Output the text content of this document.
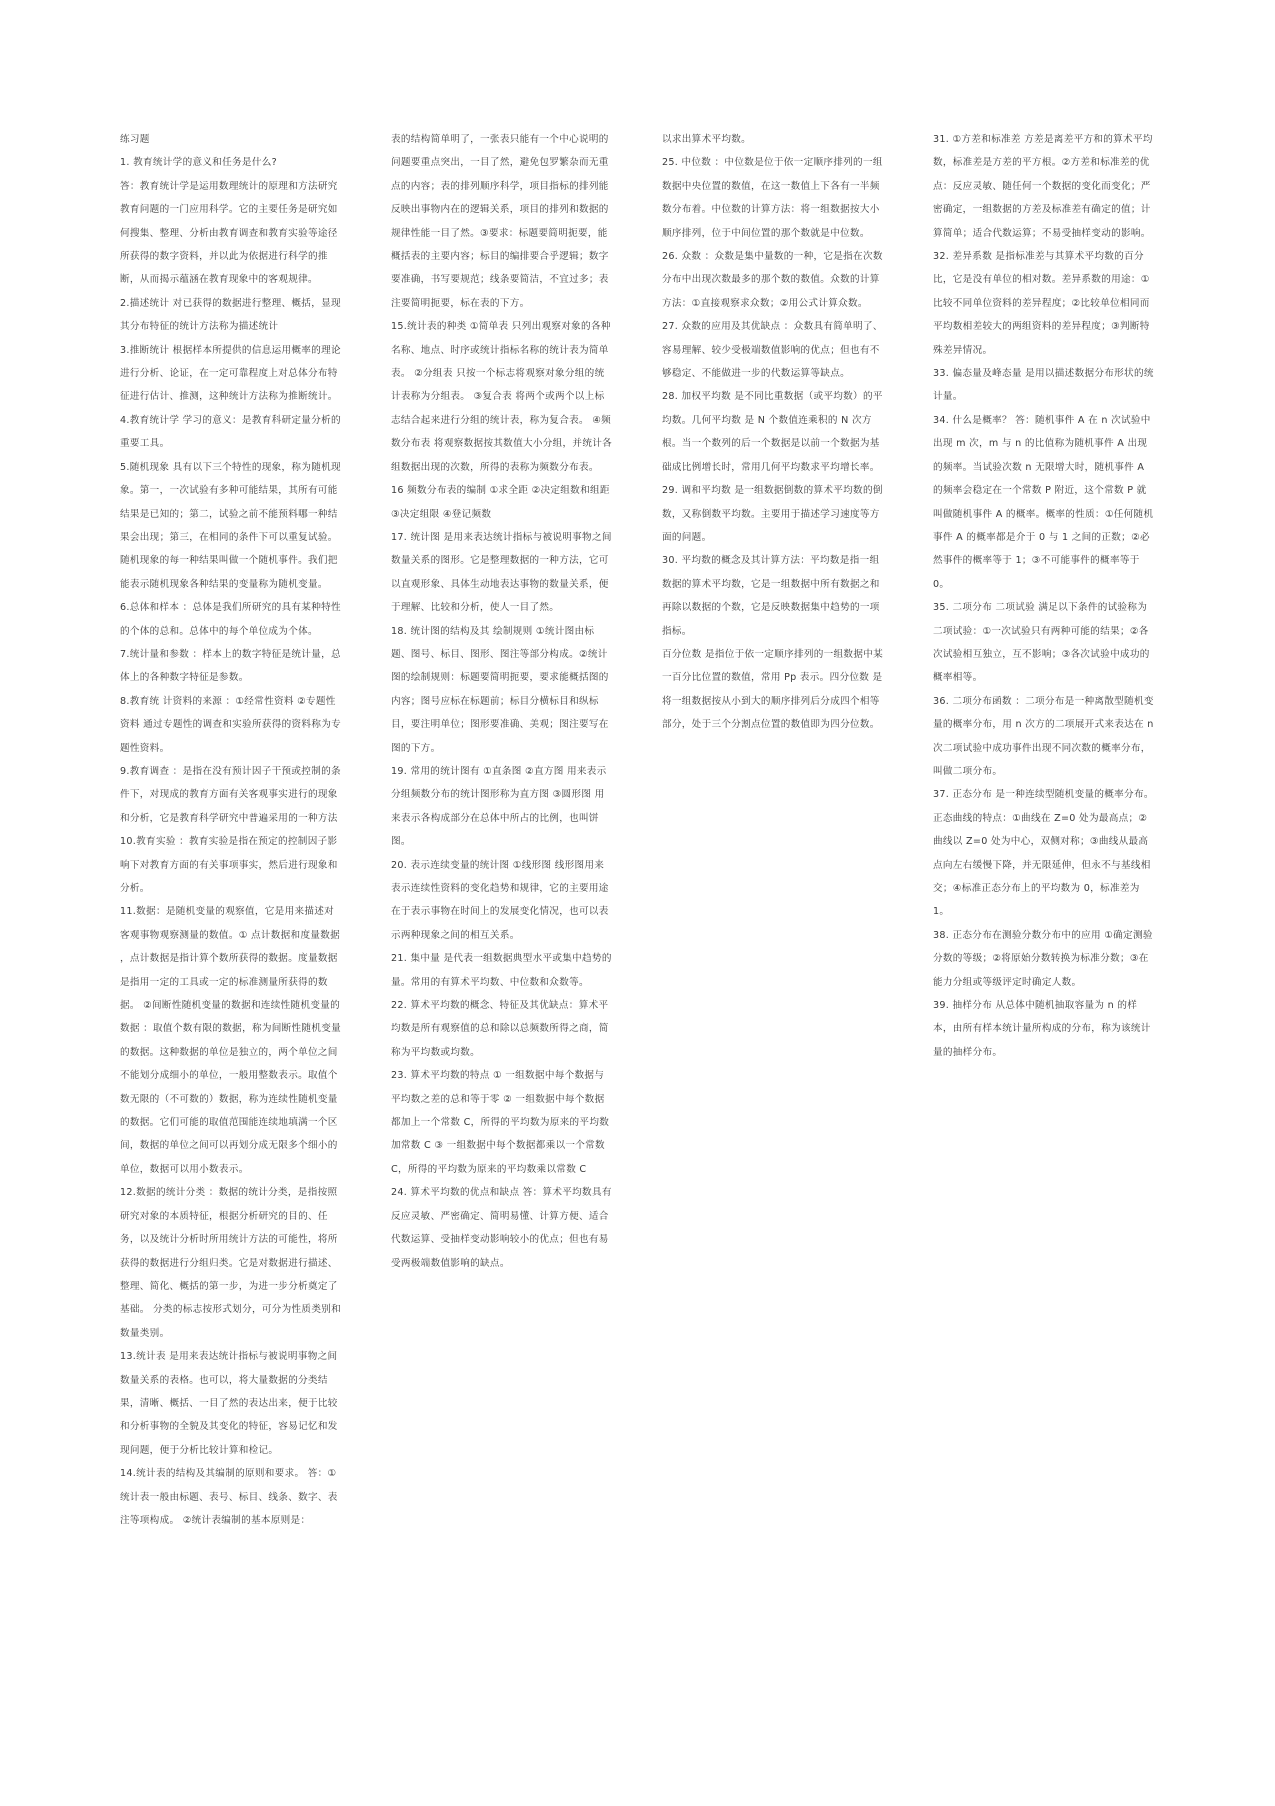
练习题
1. 教育统计学的意义和任务是什么?
答：教育统计学是运用数理统计的原理和方法研究教育问题的一门应用科学。它的主要任务是研究如何搜集、整理、分析由教育调查和教育实验等途径所获得的数字资料，并以此为依据进行科学的推断，从而揭示蕴涵在教育现象中的客观规律。
2.描述统计 对已获得的数据进行整理、概括，显现其分布特征的统计方法称为描述统计
3.推断统计 根据样本所提供的信息运用概率的理论进行分析、论证，在一定可靠程度上对总体分布特征进行估计、推测，这种统计方法称为推断统计。
4.教育统计学 学习的意义：是教育科研定量分析的重要工具。
5.随机现象 具有以下三个特性的现象，称为随机现象。第一，一次试验有多种可能结果，其所有可能结果是已知的；第二，试验之前不能预料哪一种结果会出现；第三，在相同的条件下可以重复试验。随机现象的每一种结果叫做一个随机事件。我们把能表示随机现象各种结果的变量称为随机变量。
6.总体和样本 ：总体是我们所研究的具有某种特性的个体的总和。总体中的每个单位成为个体。
7.统计量和参数 ：样本上的数字特征是统计量，总体上的各种数字特征是参数。
8.教育统 计资料的来源 ：①经常性资料 ②专题性资料 通过专题性的调查和实验所获得的资料称为专题性资料。
9.教育调查 ：是指在没有预计因子干预或控制的条件下，对现成的教育方面有关客观事实进行的现象和分析，它是教育科学研究中普遍采用的一种方法
10.教育实验 ：教育实验是指在预定的控制因子影响下对教育方面的有关事项事实，然后进行现象和分析。
11.数据：是随机变量的观察值，它是用来描述对客观事物观察测量的数值。① 点计数据和度量数据 ，点计数据是指计算个数所获得的数据。度量数据是指用一定的工具或一定的标准测量所获得的数据。 ②间断性随机变量的数据和连续性随机变量的数据 ：取值个数有限的数据，称为间断性随机变量的数据。这种数据的单位是独立的，两个单位之间不能划分成细小的单位，一般用整数表示。取值个数无限的（不可数的）数据，称为连续性随机变量的数据。它们可能的取值范围能连续地填满一个区间，数据的单位之间可以再划分成无限多个细小的单位，数据可以用小数表示。
12.数据的统计分类 ：数据的统计分类，是指按照研究对象的本质特征，根据分析研究的目的、任务，以及统计分析时所用统计方法的可能性，将所获得的数据进行分组归类。它是对数据进行描述、整理、简化、概括的第一步，为进一步分析奠定了基础。 分类的标志按形式划分，可分为性质类别和数量类别。
13.统计表 是用来表达统计指标与被说明事物之间数量关系的表格。也可以，将大量数据的分类结果，清晰、概括、一目了然的表达出来，便于比较和分析事物的全貌及其变化的特征，容易记忆和发现问题，便于分析比较计算和检记。
14.统计表的结构及其编制的原则和要求。 答：①统计表一般由标题、表号、标目、线条、数字、表注等项构成。 ②统计表编制的基本原则是：

表的结构简单明了，一张表只能有一个中心说明的问题要重点突出，一目了然，避免包罗繁杂而无重点的内容；表的排列顺序科学，项目指标的排列能反映出事物内在的逻辑关系，项目的排列和数据的规律性能一目了然。③要求：标题要简明扼要，能概括表的主要内容；标目的编排要合乎逻辑；数字要准确，书写要规范；线条要简洁，不宜过多；表注要简明扼要，标在表的下方。
15.统计表的种类 ①简单表 只列出观察对象的各种名称、地点、时序或统计指标名称的统计表为简单表。 ②分组表 只按一个标志将观察对象分组的统计表称为分组表。 ③复合表 将两个或两个以上标志结合起来进行分组的统计表，称为复合表。 ④频数分布表 将观察数据按其数值大小分组，并统计各组数据出现的次数，所得的表称为频数分布表。
16 频数分布表的编制 ①求全距 ②决定组数和组距 ③决定组限 ④登记频数
17. 统计图 是用来表达统计指标与被说明事物之间数量关系的图形。它是整理数据的一种方法，它可以直观形象、具体生动地表达事物的数量关系，便于理解、比较和分析，使人一目了然。
18. 统计图的结构及其 绘制规则 ①统计图由标题、图号、标目、图形、图注等部分构成。②统计图的绘制规则：标题要简明扼要，要求能概括图的内容；图号应标在标题前；标目分横标目和纵标目，要注明单位；图形要准确、美观；图注要写在图的下方。
19. 常用的统计图有 ①直条图 ②直方图 用来表示分组频数分布的统计图形称为直方图 ③圆形图 用来表示各构成部分在总体中所占的比例，也叫饼图。
20. 表示连续变量的统计图 ①线形图 线形图用来表示连续性资料的变化趋势和规律，它的主要用途在于表示事物在时间上的发展变化情况，也可以表示两种现象之间的相互关系。
21. 集中量 是代表一组数据典型水平或集中趋势的量。常用的有算术平均数、中位数和众数等。
22. 算术平均数的概念、特征及其优缺点：算术平均数是所有观察值的总和除以总频数所得之商，简称为平均数或均数。
23. 算术平均数的特点 ① 一组数据中每个数据与平均数之差的总和等于零 ② 一组数据中每个数据都加上一个常数 C，所得的平均数为原来的平均数加常数 C ③ 一组数据中每个数据都乘以一个常数 C，所得的平均数为原来的平均数乘以常数 C
24. 算术平均数的优点和缺点 答：算术平均数具有反应灵敏、严密确定、简明易懂、计算方便、适合代数运算、受抽样变动影响较小的优点；但也有易受两极端数值影响的缺点。

以求出算术平均数。
25. 中位数 ：中位数是位于依一定顺序排列的一组数据中央位置的数值，在这一数值上下各有一半频数分布着。中位数的计算方法：将一组数据按大小顺序排列，位于中间位置的那个数就是中位数。
26. 众数 ：众数是集中量数的一种，它是指在次数分布中出现次数最多的那个数的数值。众数的计算方法：①直接观察求众数；②用公式计算众数。
27. 众数的应用及其优缺点 ：众数具有简单明了、容易理解、较少受极端数值影响的优点；但也有不够稳定、不能做进一步的代数运算等缺点。
28. 加权平均数 是不同比重数据（或平均数）的平均数。几何平均数 是 N 个数值连乘积的 N 次方根。当一个数列的后一个数据是以前一个数据为基础成比例增长时，常用几何平均数求平均增长率。
29. 调和平均数 是一组数据倒数的算术平均数的倒数，又称倒数平均数。主要用于描述学习速度等方面的问题。
30. 平均数的概念及其计算方法：平均数是指一组数据的算术平均数，它是一组数据中所有数据之和再除以数据的个数，它是反映数据集中趋势的一项指标。
百分位数 是指位于依一定顺序排列的一组数据中某一百分比位置的数值，常用 Pp 表示。四分位数 是将一组数据按从小到大的顺序排列后分成四个相等部分，处于三个分割点位置的数值即为四分位数。

31. ①方差和标准差 方差是离差平方和的算术平均数，标准差是方差的平方根。②方差和标准差的优点：反应灵敏、随任何一个数据的变化而变化；严密确定，一组数据的方差及标准差有确定的值；计算简单；适合代数运算；不易受抽样变动的影响。
32. 差异系数 是指标准差与其算术平均数的百分比，它是没有单位的相对数。差异系数的用途：①比较不同单位资料的差异程度；②比较单位相同而平均数相差较大的两组资料的差异程度；③判断特殊差异情况。
33. 偏态量及峰态量 是用以描述数据分布形状的统计量。
34. 什么是概率？ 答：随机事件 A 在 n 次试验中出现 m 次，m 与 n 的比值称为随机事件 A 出现的频率。当试验次数 n 无限增大时，随机事件 A 的频率会稳定在一个常数 P 附近，这个常数 P 就叫做随机事件 A 的概率。概率的性质：①任何随机事件 A 的概率都是介于 0 与 1 之间的正数；②必然事件的概率等于 1；③不可能事件的概率等于 0。
35. 二项分布 二项试验 满足以下条件的试验称为二项试验：①一次试验只有两种可能的结果；②各次试验相互独立，互不影响；③各次试验中成功的概率相等。
36. 二项分布函数 ：二项分布是一种离散型随机变量的概率分布，用 n 次方的二项展开式来表达在 n 次二项试验中成功事件出现不同次数的概率分布，叫做二项分布。
37. 正态分布 是一种连续型随机变量的概率分布。正态曲线的特点：①曲线在 Z=0 处为最高点；②曲线以 Z=0 处为中心，双侧对称；③曲线从最高点向左右缓慢下降，并无限延伸，但永不与基线相交；④标准正态分布上的平均数为 0，标准差为 1。
38. 正态分布在测验分数分布中的应用 ①确定测验分数的等级；②将原始分数转换为标准分数；③在能力分组或等级评定时确定人数。
39. 抽样分布 从总体中随机抽取容量为 n 的样本，由所有样本统计量所构成的分布，称为该统计量的抽样分布。
